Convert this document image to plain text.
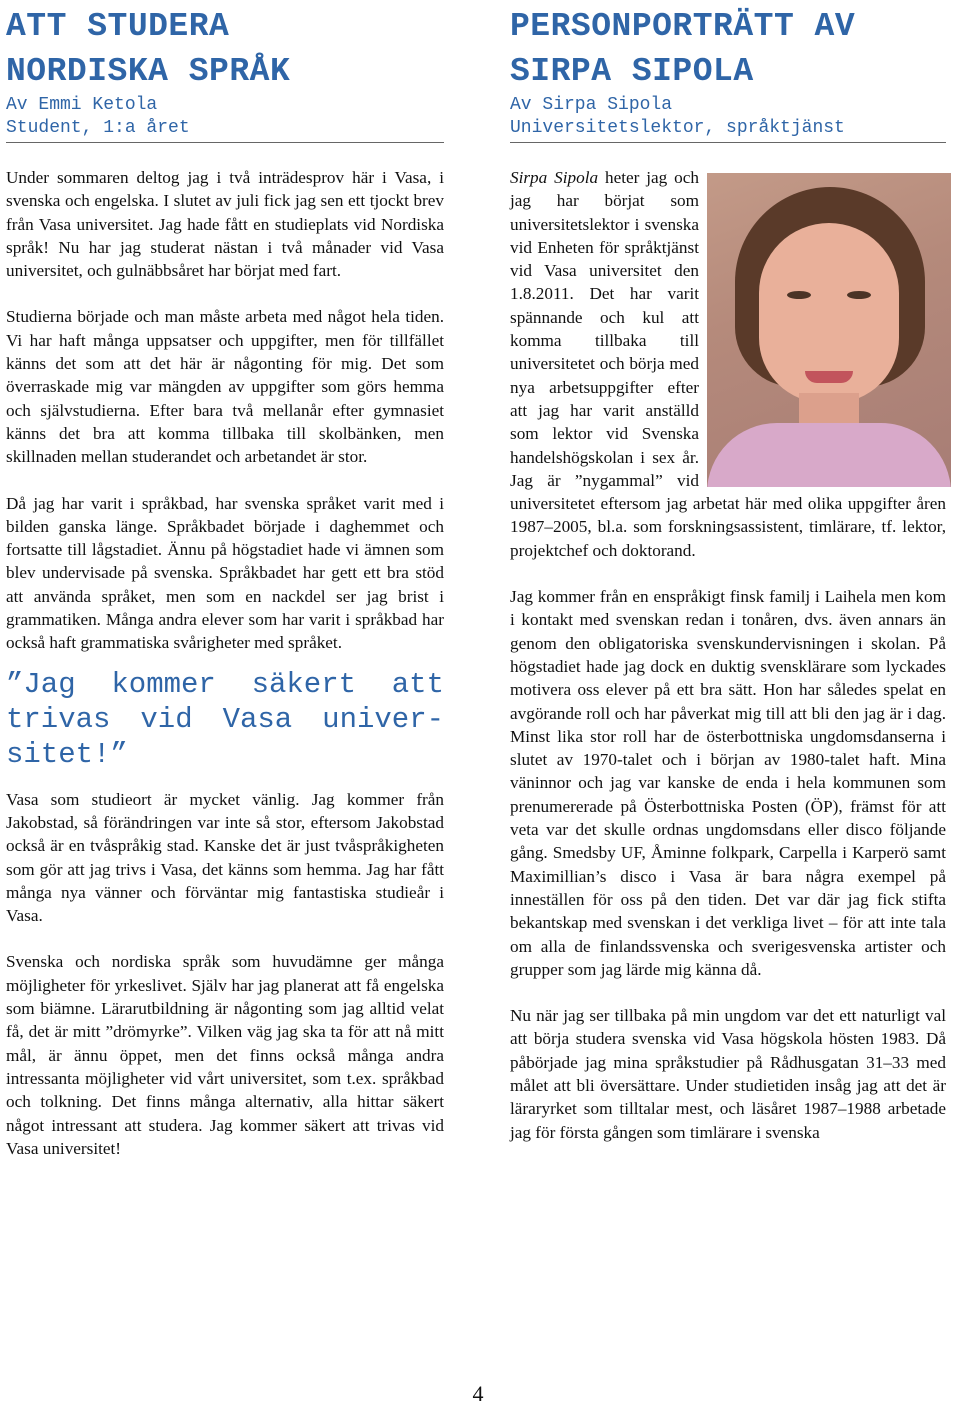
ATT STUDERA
NORDISKA SPRÅK
Av Emmi Ketola
Student, 1:a året

Under sommaren deltog jag i två inträdesprov här i Vasa, i svenska och engelska. I slutet av juli fick jag sen ett tjockt brev från Vasa universitet. Jag hade fått en studieplats vid Nordiska språk! Nu har jag studerat nästan i två månader vid Vasa universitet, och gulnäbbsåret har börjat med fart.

Studierna började och man måste arbeta med något hela tiden. Vi har haft många uppsatser och uppgifter, men för tillfället känns det som att det här är någonting för mig. Det som överraskade mig var mängden av uppgifter som görs hemma och självstudierna. Efter bara två mellanår efter gymnasiet känns det bra att komma tillbaka till skolbänken, men skillnaden mellan studerandet och arbetandet är stor.

Då jag har varit i språkbad, har svenska språket varit med i bilden ganska länge. Språkbadet började i daghemmet och fortsatte till lågstadiet. Ännu på högstadiet hade vi ämnen som blev undervisade på svenska. Språkbadet har gett ett bra stöd att använda språket, men som en nackdel ser jag brist i grammatiken. Många andra elever som har varit i språkbad har också haft grammatiska svårigheter med språket.

”Jag kommer säkert att trivas vid Vasa univer-sitet!”

Vasa som studieort är mycket vänlig. Jag kommer från Jakobstad, så förändringen var inte så stor, eftersom Jakobstad också är en tvåspråkig stad. Kanske det är just tvåspråkigheten som gör att jag trivs i Vasa, det känns som hemma. Jag har fått många nya vänner och förväntar mig fantastiska studieår i Vasa.

Svenska och nordiska språk som huvudämne ger många möjligheter för yrkeslivet. Själv har jag planerat att få engelska som biämne. Lärarutbildning är någonting som jag alltid velat få, det är mitt ”drömyrke”. Vilken väg jag ska ta för att nå mitt mål, är ännu öppet, men det finns också många andra intressanta möjligheter vid vårt universitet, som t.ex. språkbad och tolkning. Det finns många alternativ, alla hittar säkert något intressant att studera. Jag kommer säkert att trivas vid Vasa universitet!

PERSONPORTRÄTT AV
SIRPA SIPOLA
Av Sirpa Sipola
Universitetslektor, språktjänst

Sirpa Sipola heter jag och jag har börjat som universitetslektor i svenska vid Enheten för språktjänst vid Vasa universitet den 1.8.2011. Det har varit spännande och kul att komma tillbaka till universitetet och börja med nya arbetsuppgifter efter att jag har varit anställd som lektor vid Svenska handelshögskolan i sex år. Jag är ”nygammal” vid universitetet eftersom jag arbetat här med olika uppgifter åren 1987–2005, bl.a. som forskningsassistent, timlärare, tf. lektor, projektchef och doktorand.

Jag kommer från en enspråkigt finsk familj i Laihela men kom i kontakt med svenskan redan i tonåren, dvs. även annars än genom den obligatoriska svenskundervisningen i skolan. På högstadiet hade jag dock en duktig svensklärare som lyckades motivera oss elever på ett bra sätt. Hon har således spelat en avgörande roll och har påverkat mig till att bli den jag är i dag. Minst lika stor roll har de österbottniska ungdomsdanserna i slutet av 1970-talet och i början av 1980-talet haft. Mina väninnor och jag var kanske de enda i hela kommunen som prenumererade på Österbottniska Posten (ÖP), främst för att veta var det skulle ordnas ungdomsdans eller disco följande gång. Smedsby UF, Åminne folkpark, Carpella i Karperö samt Maximillian’s disco i Vasa är bara några exempel på inneställen för oss på den tiden. Det var där jag fick stifta bekantskap med svenskan i det verkliga livet – för att inte tala om alla de finlandssvenska och sverigesvenska artister och grupper som jag lärde mig känna då.

Nu när jag ser tillbaka på min ungdom var det ett naturligt val att börja studera svenska vid Vasa högskola hösten 1983. Då påbörjade jag mina språkstudier på Rådhusgatan 31–33 med målet att bli översättare. Under studietiden insåg jag att det är läraryrket som tilltalar mest, och läsåret 1987–1988 arbetade jag för första gången som timlärare i svenska

4
